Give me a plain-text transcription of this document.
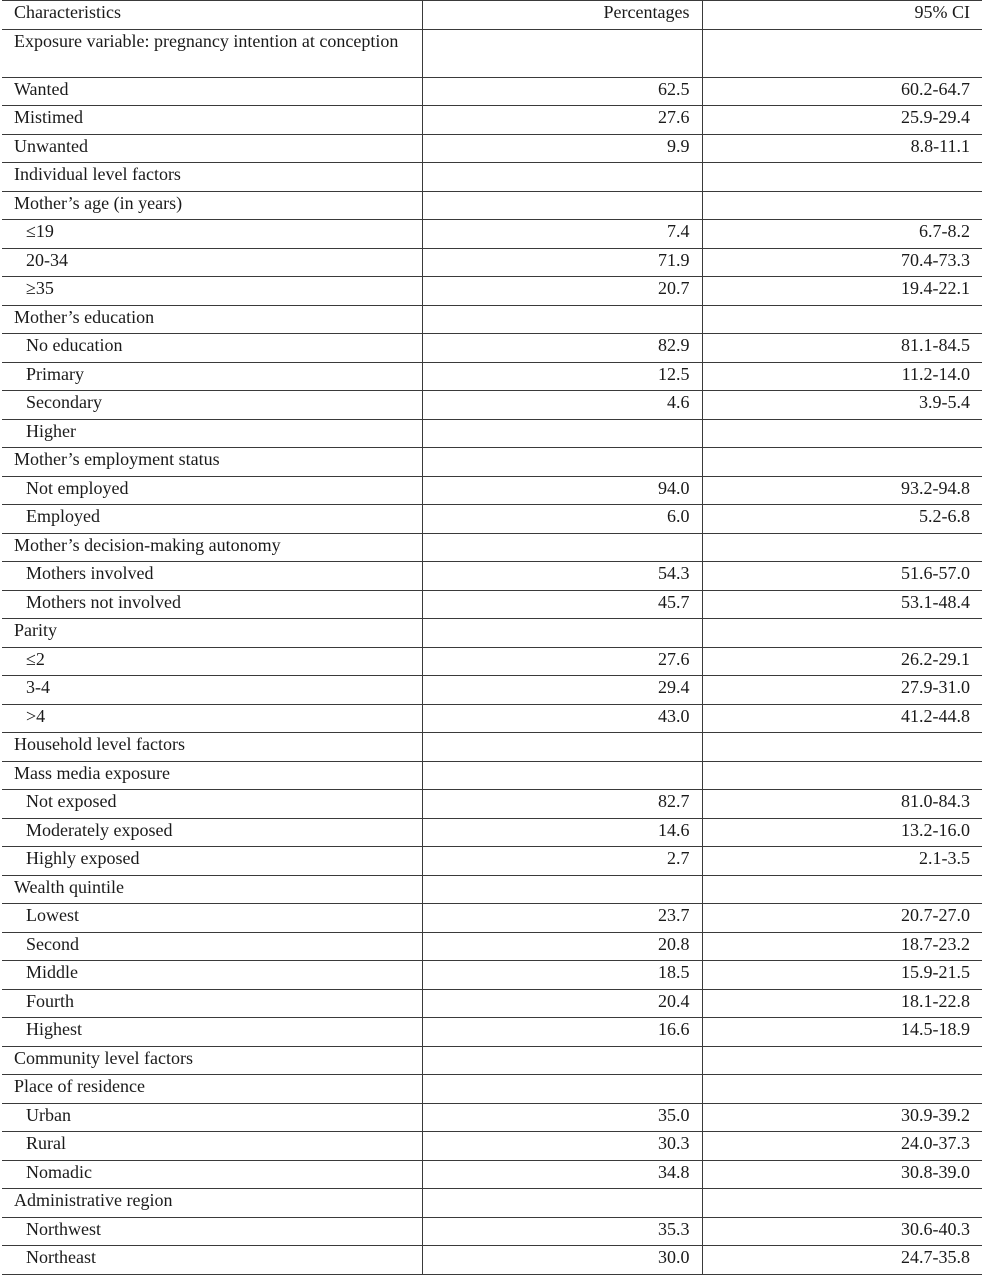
Characteristics	Percentages	95% CI
Exposure variable: pregnancy intention at conception		
Wanted	62.5	60.2-64.7
Mistimed	27.6	25.9-29.4
Unwanted	9.9	8.8-11.1
Individual level factors		
Mother’s age (in years)		
≤19	7.4	6.7-8.2
20-34	71.9	70.4-73.3
≥35	20.7	19.4-22.1
Mother’s education		
No education	82.9	81.1-84.5
Primary	12.5	11.2-14.0
Secondary	4.6	3.9-5.4
Higher		
Mother’s employment status		
Not employed	94.0	93.2-94.8
Employed	6.0	5.2-6.8
Mother’s decision-making autonomy		
Mothers involved	54.3	51.6-57.0
Mothers not involved	45.7	53.1-48.4
Parity		
≤2	27.6	26.2-29.1
3-4	29.4	27.9-31.0
>4	43.0	41.2-44.8
Household level factors		
Mass media exposure		
Not exposed	82.7	81.0-84.3
Moderately exposed	14.6	13.2-16.0
Highly exposed	2.7	2.1-3.5
Wealth quintile		
Lowest	23.7	20.7-27.0
Second	20.8	18.7-23.2
Middle	18.5	15.9-21.5
Fourth	20.4	18.1-22.8
Highest	16.6	14.5-18.9
Community level factors		
Place of residence		
Urban	35.0	30.9-39.2
Rural	30.3	24.0-37.3
Nomadic	34.8	30.8-39.0
Administrative region		
Northwest	35.3	30.6-40.3
Northeast	30.0	24.7-35.8
